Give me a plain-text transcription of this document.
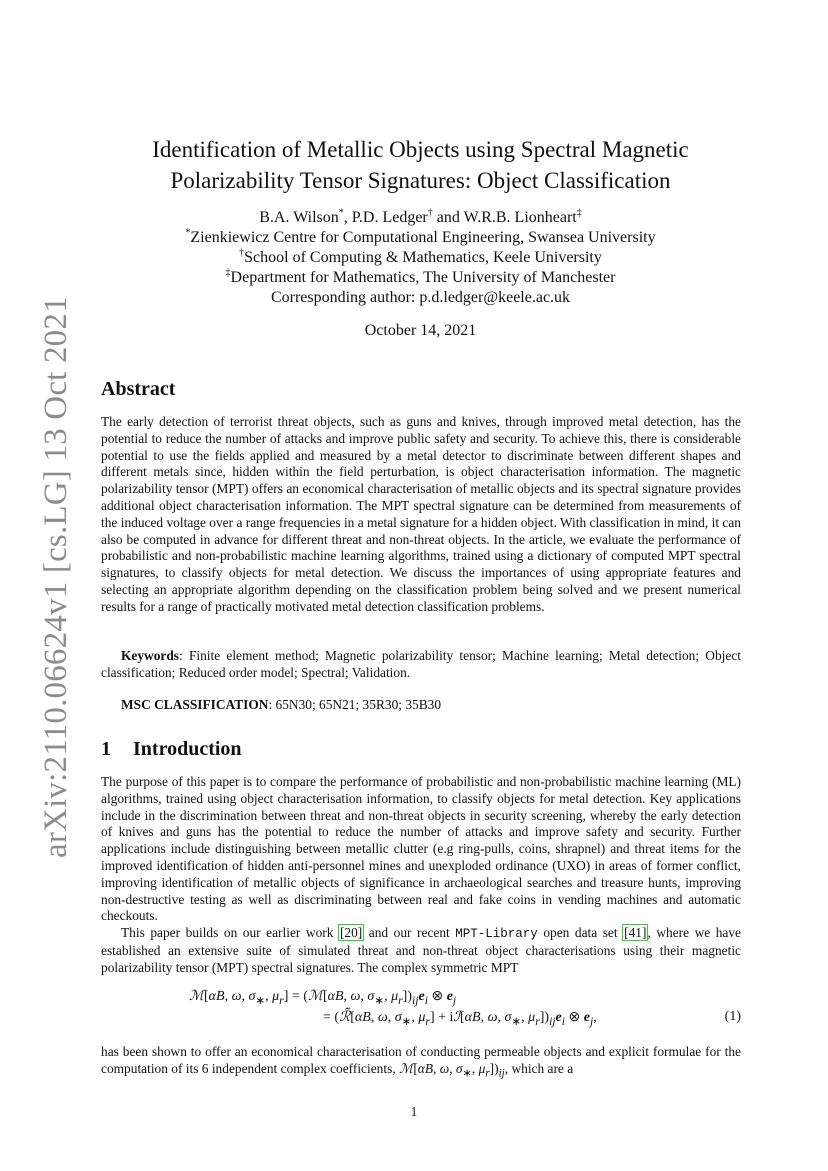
arXiv:2110.06624v1 [cs.LG] 13 Oct 2021
Identification of Metallic Objects using Spectral Magnetic
Polarizability Tensor Signatures: Object Classification
B.A. Wilson*, P.D. Ledger† and W.R.B. Lionheart‡
*Zienkiewicz Centre for Computational Engineering, Swansea University
†School of Computing & Mathematics, Keele University
‡Department for Mathematics, The University of Manchester
Corresponding author: p.d.ledger@keele.ac.uk
October 14, 2021
Abstract

The early detection of terrorist threat objects, such as guns and knives, through improved metal detection, has the potential to reduce the number of attacks and improve public safety and security. To achieve this, there is considerable potential to use the fields applied and measured by a metal detector to discriminate between different shapes and different metals since, hidden within the field perturbation, is object characterisation information. The magnetic polarizability tensor (MPT) offers an economical characterisation of metallic objects and its spectral signature provides additional object characterisation information. The MPT spectral signature can be determined from measurements of the induced voltage over a range frequencies in a metal signature for a hidden object. With classification in mind, it can also be computed in advance for different threat and non-threat objects. In the article, we evaluate the performance of probabilistic and non-probabilistic machine learning algorithms, trained using a dictionary of computed MPT spectral signatures, to classify objects for metal detection. We discuss the importances of using appropriate features and selecting an appropriate algorithm depending on the classification problem being solved and we present numerical results for a range of practically motivated metal detection classification problems.

Keywords: Finite element method; Magnetic polarizability tensor; Machine learning; Metal detection; Object classification; Reduced order model; Spectral; Validation.

MSC CLASSIFICATION: 65N30; 65N21; 35R30; 35B30

1 Introduction

The purpose of this paper is to compare the performance of probabilistic and non-probabilistic machine learning (ML) algorithms, trained using object characterisation information, to classify objects for metal detection. Key applications include in the discrimination between threat and non-threat objects in security screening, whereby the early detection of knives and guns has the potential to reduce the number of attacks and improve safety and security. Further applications include distinguishing between metallic clutter (e.g ring-pulls, coins, shrapnel) and threat items for the improved identification of hidden anti-personnel mines and unexploded ordinance (UXO) in areas of former conflict, improving identification of metallic objects of significance in archaeological searches and treasure hunts, improving non-destructive testing as well as discriminating between real and fake coins in vending machines and automatic checkouts.

This paper builds on our earlier work [20] and our recent MPT-Library open data set [41], where we have established an extensive suite of simulated threat and non-threat object characterisations using their magnetic polarizability tensor (MPT) spectral signatures. The complex symmetric MPT

ℳ[αB, ω, $\sigma_∗$, $\mu_r$] = (ℳ[αB, ω, $\sigma_∗$, $\mu_r])_{ij}e_i$ ⊗ $e_j$
= (ℛ̃[αB, ω, $\sigma_∗$, $\mu_r$] + iℐ[αB, ω, $\sigma_∗$, $\mu_r])_{ij}e_i$ ⊗ $e_j$,	(1)

has been shown to offer an economical characterisation of conducting permeable objects and explicit formulae for the computation of its 6 independent complex coefficients, ℳ[αB, ω, $\sigma_∗$, $\mu_r])_{ij}$, which are a

1
